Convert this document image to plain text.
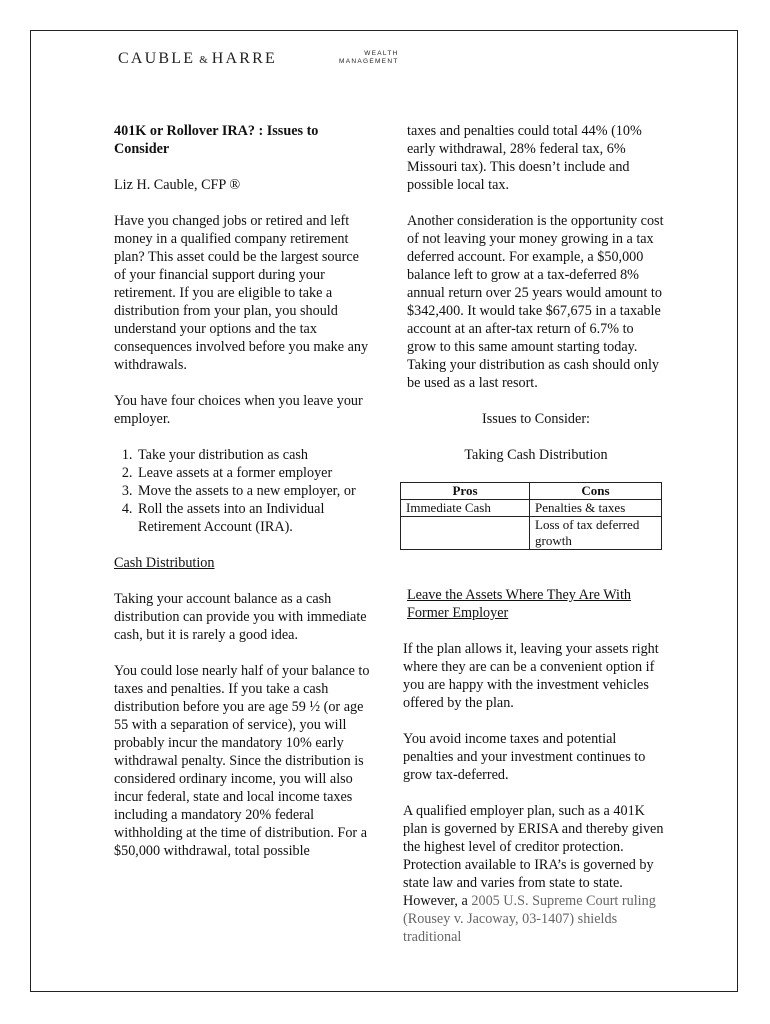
CAUBLE & HARRE	WEALTH
MANAGEMENT

401K or Rollover IRA? : Issues to Consider

Liz H. Cauble, CFP ®

Have you changed jobs or retired and left money in a qualified company retirement plan? This asset could be the largest source of your financial support during your retirement. If you are eligible to take a distribution from your plan, you should understand your options and the tax consequences involved before you make any withdrawals.

You have four choices when you leave your employer.

1. Take your distribution as cash
2. Leave assets at a former employer
3. Move the assets to a new employer, or
4. Roll the assets into an Individual Retirement Account (IRA).

Cash Distribution

Taking your account balance as a cash distribution can provide you with immediate cash, but it is rarely a good idea.

You could lose nearly half of your balance to taxes and penalties. If you take a cash distribution before you are age 59 ½ (or age 55 with a separation of service), you will probably incur the mandatory 10% early withdrawal penalty. Since the distribution is considered ordinary income, you will also incur federal, state and local income taxes including a mandatory 20% federal withholding at the time of distribution. For a $50,000 withdrawal, total possible

taxes and penalties could total 44% (10% early withdrawal, 28% federal tax, 6% Missouri tax). This doesn’t include and possible local tax.

Another consideration is the opportunity cost of not leaving your money growing in a tax deferred account. For example, a $50,000 balance left to grow at a tax-deferred 8% annual return over 25 years would amount to $342,400. It would take $67,675 in a taxable account at an after-tax return of 6.7% to grow to this same amount starting today. Taking your distribution as cash should only be used as a last resort.

Issues to Consider:

Taking Cash Distribution

Pros	Cons
Immediate Cash	Penalties & taxes
	Loss of tax deferred growth

Leave the Assets Where They Are With Former Employer

If the plan allows it, leaving your assets right where they are can be a convenient option if you are happy with the investment vehicles offered by the plan.

You avoid income taxes and potential penalties and your investment continues to grow tax-deferred.

A qualified employer plan, such as a 401K plan is governed by ERISA and thereby given the highest level of creditor protection. Protection available to IRA’s is governed by state law and varies from state to state. However, a 2005 U.S. Supreme Court ruling (Rousey v. Jacoway, 03-1407) shields traditional
